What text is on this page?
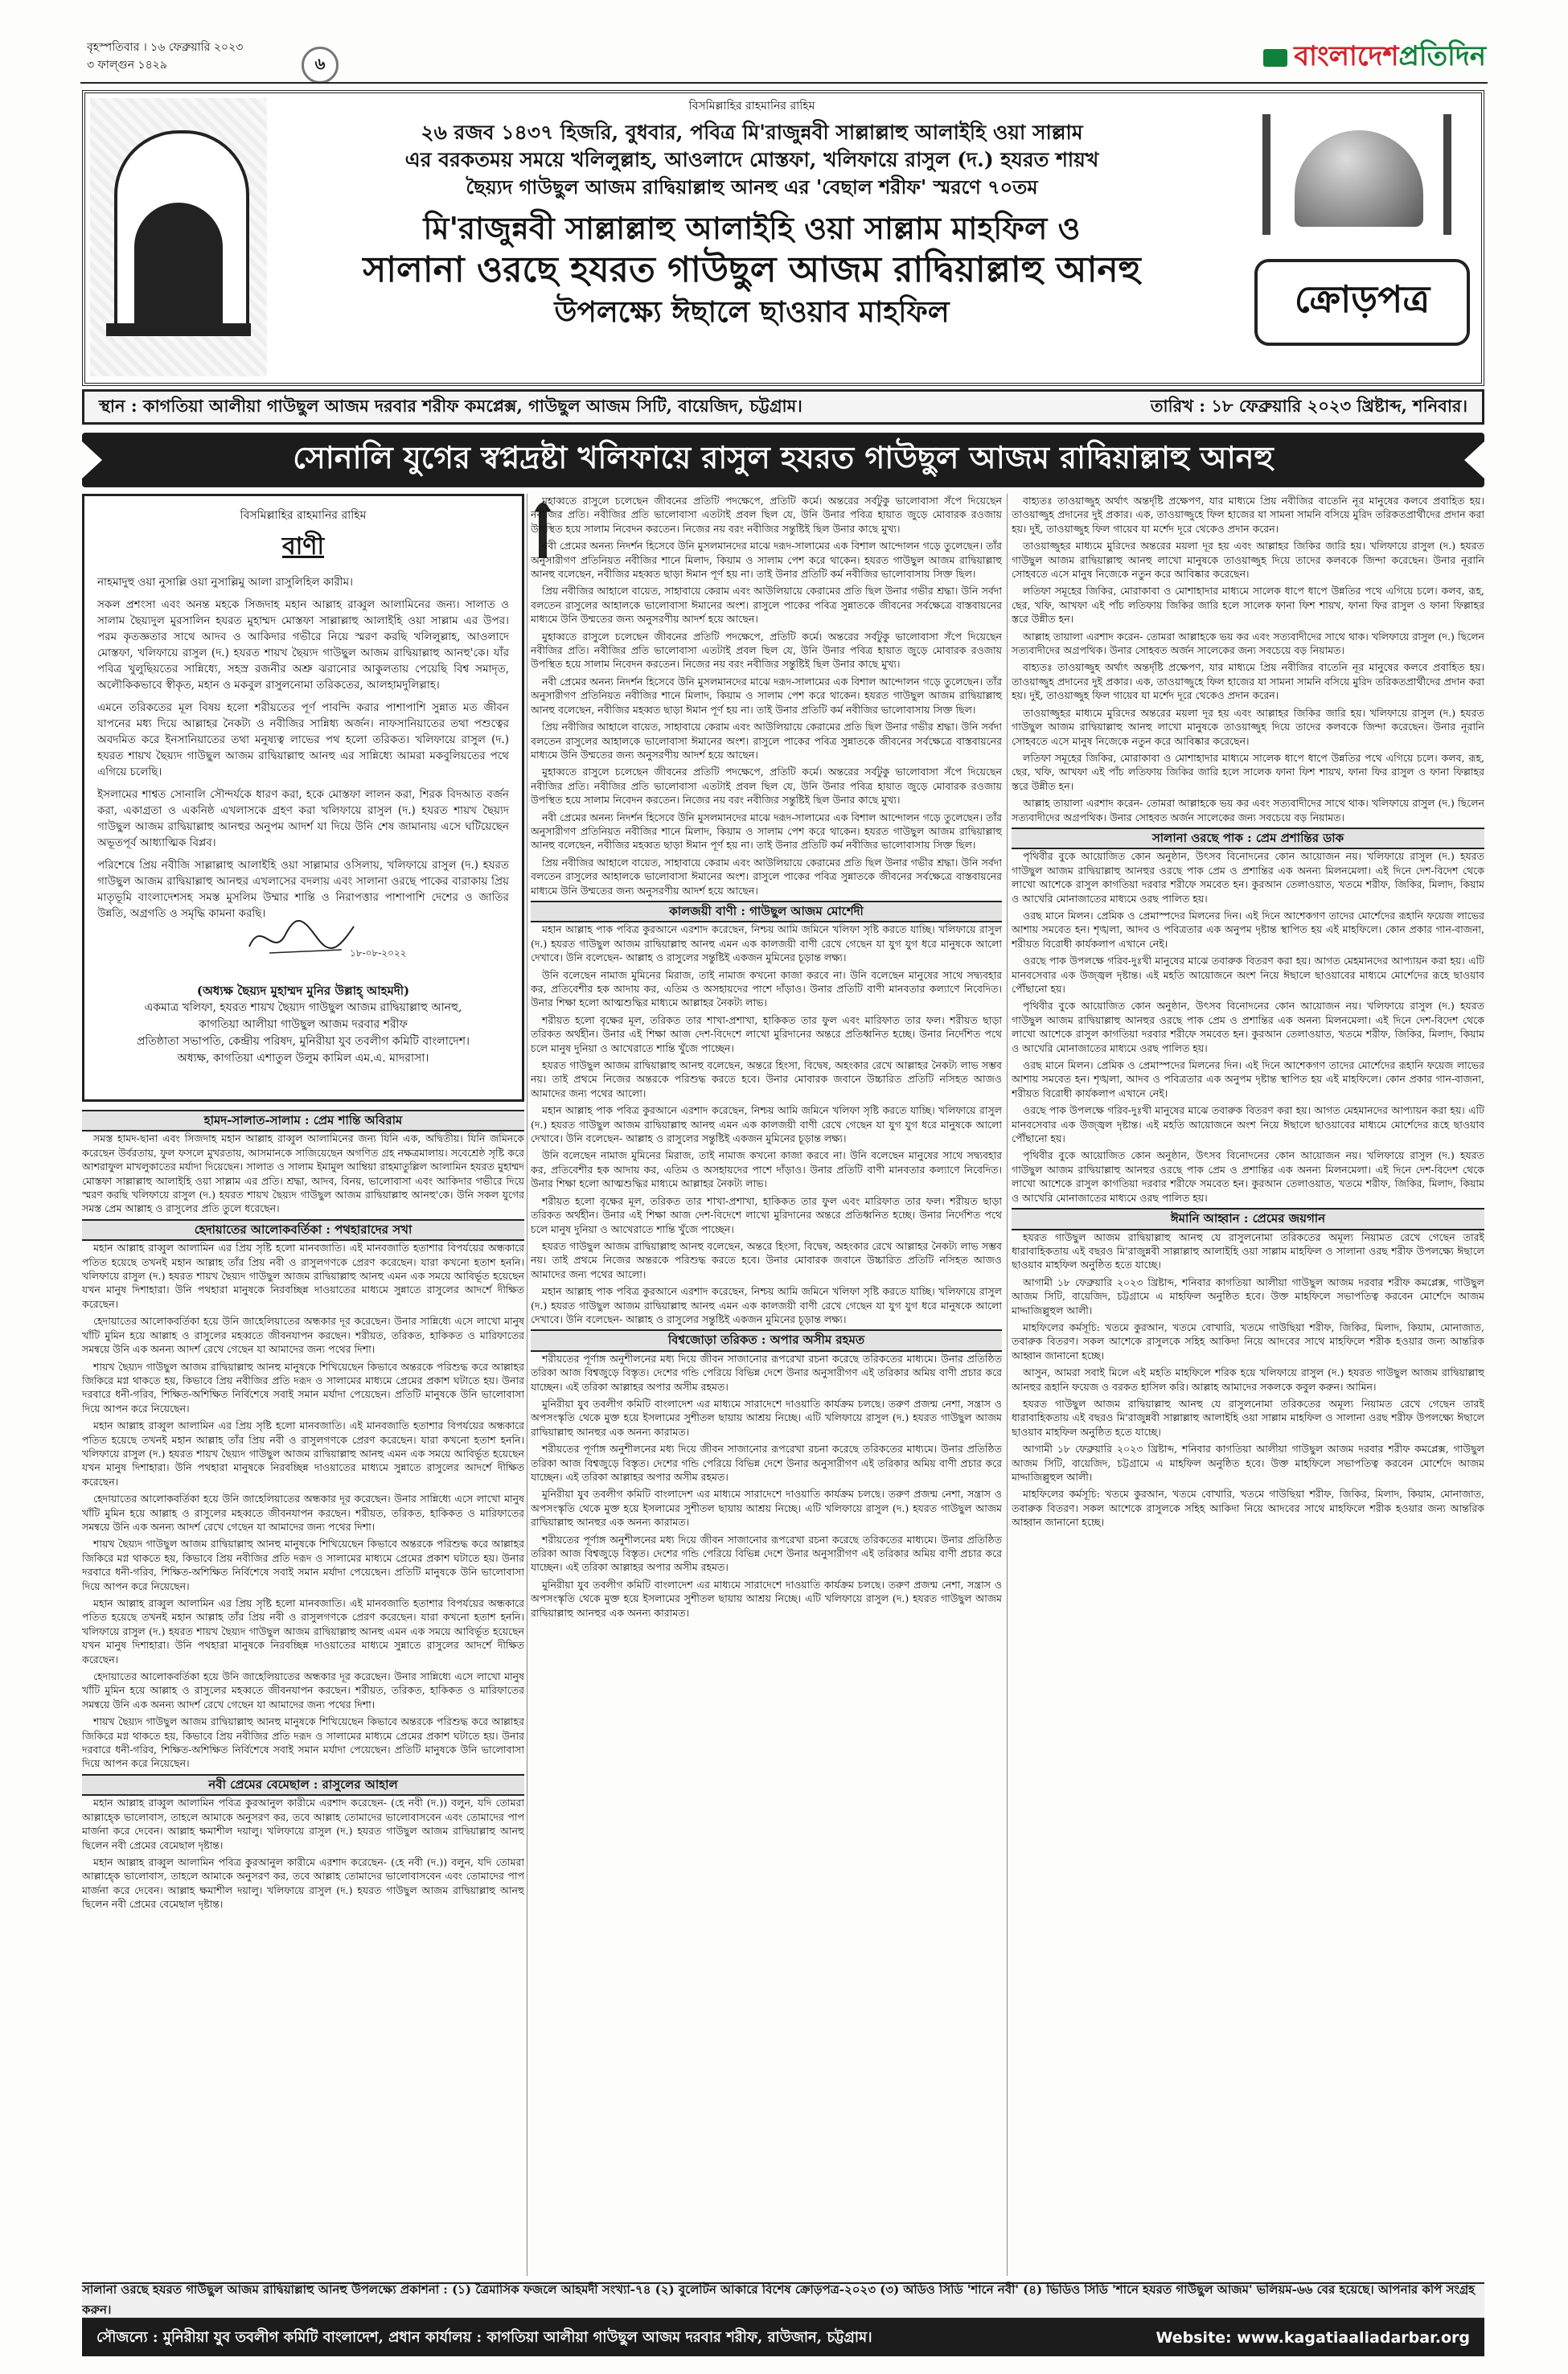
বৃহস্পতিবার । ১৬ ফেব্রুয়ারি ২০২৩
৩ ফাল্গুন ১৪২৯	৬	বাংলাদেশপ্রতিদিন
ক্রোড়পত্র
বিসমিল্লাহির রাহমানির রাহিম
২৬ রজব ১৪৩৭ হিজরি, বুধবার, পবিত্র মি'রাজুন্নবী সাল্লাল্লাহু আলাইহি ওয়া সাল্লাম
এর বরকতময় সময়ে খলিলুল্লাহ, আওলাদে মোস্তফা, খলিফায়ে রাসুল (দ.) হযরত শায়খ
ছৈয়্যদ গাউছুল আজম রাদ্বিয়াল্লাহু আনহু এর 'বেছাল শরীফ' স্মরণে ৭০তম
মি'রাজুন্নবী সাল্লাল্লাহু আলাইহি ওয়া সাল্লাম মাহফিল ও
সালানা ওরছে হযরত গাউছুল আজম রাদ্বিয়াল্লাহু আনহু
উপলক্ষ্যে ঈছালে ছাওয়াব মাহফিল
স্থান : কাগতিয়া আলীয়া গাউছুল আজম দরবার শরীফ কমপ্লেক্স, গাউছুল আজম সিটি, বায়েজিদ, চট্টগ্রাম।	তারিখ : ১৮ ফেব্রুয়ারি ২০২৩ খ্রিষ্টাব্দ, শনিবার।
সোনালি যুগের স্বপ্নদ্রষ্টা খলিফায়ে রাসুল হযরত গাউছুল আজম রাদ্বিয়াল্লাহু আনহু
বিসমিল্লাহির রাহমানির রাহিম
বাণী

নাহমাদুহু ওয়া নুসাল্লি ওয়া নুসাল্লিমু আলা রাসুলিহিল কারীম।

সকল প্রশংসা এবং অনন্ত মহকে সিজদাহ মহান আল্লাহ রাব্বুল আলামিনের জন্য। সালাত ও সালাম ছৈয়্যদুল মুরসালিন হযরত মুহাম্মদ মোস্তফা সাল্লাল্লাহু আলাইহি ওয়া সাল্লাম এর উপর। পরম কৃতজ্ঞতার সাথে আদব ও আকিদার গভীরে নিয়ে স্মরণ করছি খলিলুল্লাহ, আওলাদে মোস্তফা, খলিফায়ে রাসুল (দ.) হযরত শায়খ ছৈয়্যদ গাউছুল আজম রাদ্বিয়াল্লাহু আনহু'কে। যাঁর পবিত্র খুলুছিয়তের সান্নিধ্যে, সহস্র রজনীর অশ্রু ঝরানোর আকুলতায় পেয়েছি বিশ্ব সমাদৃত, অলৌকিকভাবে স্বীকৃত, মহান ও মকবুল রাসুলনোমা তরিকতের, আলহামদুলিল্লাহ।

এমনে তরিকতের মূল বিষয় হলো শরীয়তের পূর্ণ পাবন্দি করার পাশাপাশি সুন্নাত মত জীবন যাপনের মধ্য দিয়ে আল্লাহর নৈকট্য ও নবীজির সান্নিধ্য অর্জন। নাফসানিয়াতের তথা পশুত্বের অবদমিত করে ইনসানিয়াতের তথা মনুষ্যত্ব লাভের পথ হলো তরিকত। খলিফায়ে রাসুল (দ.) হযরত শায়খ ছৈয়্যদ গাউছুল আজম রাদ্বিয়াল্লাহু আনহু এর সান্নিধ্যে আমরা মকবুলিয়তের পথে এগিয়ে চলেছি।

ইসলামের শাশ্বত সোনালি সৌন্দর্যকে ধারণ করা, হকে মোস্তফা লালন করা, শিরক বিদআত বর্জন করা, একাগ্রতা ও একনিষ্ঠ এখলাসকে গ্রহণ করা খলিফায়ে রাসুল (দ.) হযরত শায়খ ছৈয়্যদ গাউছুল আজম রাদ্বিয়াল্লাহু আনহুর অনুপম আদর্শ যা দিয়ে উনি শেষ জামানায় এসে ঘটিয়েছেন অভূতপূর্ব আধ্যাত্মিক বিপ্লব।

পরিশেষে প্রিয় নবীজি সাল্লাল্লাহু আলাইহি ওয়া সাল্লামার ওসিলায়, খলিফায়ে রাসুল (দ.) হযরত গাউছুল আজম রাদ্বিয়াল্লাহু আনহুর এখলাসের বদলায় এবং সালানা ওরছে পাকের বারাকায় প্রিয় মাতৃভূমি বাংলাদেশসহ সমস্ত মুসলিম উম্মার শান্তি ও নিরাপত্তার পাশাপাশি দেশের ও জাতির উন্নতি, অগ্রগতি ও সমৃদ্ধি কামনা করছি।

১৮-০৮-২০২২
(অধ্যক্ষ ছৈয়্যদ মুহাম্মদ মুনির উল্লাহ্ আহমদী)
একমাত্র খলিফা, হযরত শায়খ ছৈয়্যদ গাউছুল আজম রাদ্বিয়াল্লাহু আনহু,
কাগতিয়া আলীয়া গাউছুল আজম দরবার শরীফ
প্রতিষ্ঠাতা সভাপতি, কেন্দ্রীয় পরিষদ, মুনিরীয়া যুব তবলীগ কমিটি বাংলাদেশ।
অধ্যক্ষ, কাগতিয়া এশাতুল উলুম কামিল এম.এ. মাদরাসা।
হামদ-সালাত-সালাম : প্রেম শান্তি অবিরাম

সমস্ত হামদ-ছানা এবং সিজদাহ মহান আল্লাহ রাব্বুল আলামিনের জন্য যিনি এক, অদ্বিতীয়। যিনি জমিনকে করেছেন উর্বরতায়, ফুল ফসলে মুখরতায়, আসমানকে সাজিয়েছেন অগণিত গ্রহ নক্ষত্রমালায়। সবেশ্রেষ্ঠ সৃষ্টি করে আশরাফুল মাখলুকাতের মর্যাদা দিয়েছেন। সালাত ও সালাম ইমামুল আম্বিয়া রাহমাতুল্লিল আলামিন হযরত মুহাম্মদ মোস্তফা সাল্লাল্লাহু আলাইহি ওয়া সাল্লাম এর প্রতি। শ্রদ্ধা, আদব, বিনয়, ভালোবাসা এবং আকিদার গভীরে দিয়ে স্মরণ করছি খলিফায়ে রাসুল (দ.) হযরত শায়খ ছৈয়্যদ গাউছুল আজম রাদ্বিয়াল্লাহু আনহু'কে। উনি সকল যুগের সমস্ত প্রেম আল্লাহ ও রাসুলের প্রতি তুলে ধরেছেন।

হেদায়াতের আলোকবর্তিকা : পথহারাদের সখা

মহান আল্লাহ রাব্বুল আলামিন এর প্রিয় সৃষ্টি হলো মানবজাতি। এই মানবজাতি হতাশার বিপর্যয়ের অন্ধকারে পতিত হয়েছে তখনই মহান আল্লাহ তাঁর প্রিয় নবী ও রাসুলগণকে প্রেরণ করেছেন। যারা কখনো হতাশ হননি। খলিফায়ে রাসুল (দ.) হযরত শায়খ ছৈয়্যদ গাউছুল আজম রাদ্বিয়াল্লাহু আনহু এমন এক সময়ে আবির্ভূত হয়েছেন যখন মানুষ দিশাহারা। উনি পথহারা মানুষকে নিরবচ্ছিন্ন দাওয়াতের মাধ্যমে সুন্নাতে রাসুলের আদর্শে দীক্ষিত করেছেন।

হেদায়াতের আলোকবর্তিকা হয়ে উনি জাহেলিয়াতের অন্ধকার দূর করেছেন। উনার সান্নিধ্যে এসে লাখো মানুষ খাঁটি মুমিন হয়ে আল্লাহ ও রাসুলের মহব্বতে জীবনযাপন করছেন। শরীয়ত, তরিকত, হাকিকত ও মারিফাতের সমন্বয়ে উনি এক অনন্য আদর্শ রেখে গেছেন যা আমাদের জন্য পথের দিশা।

শায়খ ছৈয়্যদ গাউছুল আজম রাদ্বিয়াল্লাহু আনহু মানুষকে শিখিয়েছেন কিভাবে অন্তরকে পরিশুদ্ধ করে আল্লাহর জিকিরে মগ্ন থাকতে হয়, কিভাবে প্রিয় নবীজির প্রতি দরূদ ও সালামের মাধ্যমে প্রেমের প্রকাশ ঘটাতে হয়। উনার দরবারে ধনী-গরিব, শিক্ষিত-অশিক্ষিত নির্বিশেষে সবাই সমান মর্যাদা পেয়েছেন। প্রতিটি মানুষকে উনি ভালোবাসা দিয়ে আপন করে নিয়েছেন।

মহান আল্লাহ রাব্বুল আলামিন এর প্রিয় সৃষ্টি হলো মানবজাতি। এই মানবজাতি হতাশার বিপর্যয়ের অন্ধকারে পতিত হয়েছে তখনই মহান আল্লাহ তাঁর প্রিয় নবী ও রাসুলগণকে প্রেরণ করেছেন। যারা কখনো হতাশ হননি। খলিফায়ে রাসুল (দ.) হযরত শায়খ ছৈয়্যদ গাউছুল আজম রাদ্বিয়াল্লাহু আনহু এমন এক সময়ে আবির্ভূত হয়েছেন যখন মানুষ দিশাহারা। উনি পথহারা মানুষকে নিরবচ্ছিন্ন দাওয়াতের মাধ্যমে সুন্নাতে রাসুলের আদর্শে দীক্ষিত করেছেন।

হেদায়াতের আলোকবর্তিকা হয়ে উনি জাহেলিয়াতের অন্ধকার দূর করেছেন। উনার সান্নিধ্যে এসে লাখো মানুষ খাঁটি মুমিন হয়ে আল্লাহ ও রাসুলের মহব্বতে জীবনযাপন করছেন। শরীয়ত, তরিকত, হাকিকত ও মারিফাতের সমন্বয়ে উনি এক অনন্য আদর্শ রেখে গেছেন যা আমাদের জন্য পথের দিশা।

শায়খ ছৈয়্যদ গাউছুল আজম রাদ্বিয়াল্লাহু আনহু মানুষকে শিখিয়েছেন কিভাবে অন্তরকে পরিশুদ্ধ করে আল্লাহর জিকিরে মগ্ন থাকতে হয়, কিভাবে প্রিয় নবীজির প্রতি দরূদ ও সালামের মাধ্যমে প্রেমের প্রকাশ ঘটাতে হয়। উনার দরবারে ধনী-গরিব, শিক্ষিত-অশিক্ষিত নির্বিশেষে সবাই সমান মর্যাদা পেয়েছেন। প্রতিটি মানুষকে উনি ভালোবাসা দিয়ে আপন করে নিয়েছেন।

মহান আল্লাহ রাব্বুল আলামিন এর প্রিয় সৃষ্টি হলো মানবজাতি। এই মানবজাতি হতাশার বিপর্যয়ের অন্ধকারে পতিত হয়েছে তখনই মহান আল্লাহ তাঁর প্রিয় নবী ও রাসুলগণকে প্রেরণ করেছেন। যারা কখনো হতাশ হননি। খলিফায়ে রাসুল (দ.) হযরত শায়খ ছৈয়্যদ গাউছুল আজম রাদ্বিয়াল্লাহু আনহু এমন এক সময়ে আবির্ভূত হয়েছেন যখন মানুষ দিশাহারা। উনি পথহারা মানুষকে নিরবচ্ছিন্ন দাওয়াতের মাধ্যমে সুন্নাতে রাসুলের আদর্শে দীক্ষিত করেছেন।

হেদায়াতের আলোকবর্তিকা হয়ে উনি জাহেলিয়াতের অন্ধকার দূর করেছেন। উনার সান্নিধ্যে এসে লাখো মানুষ খাঁটি মুমিন হয়ে আল্লাহ ও রাসুলের মহব্বতে জীবনযাপন করছেন। শরীয়ত, তরিকত, হাকিকত ও মারিফাতের সমন্বয়ে উনি এক অনন্য আদর্শ রেখে গেছেন যা আমাদের জন্য পথের দিশা।

শায়খ ছৈয়্যদ গাউছুল আজম রাদ্বিয়াল্লাহু আনহু মানুষকে শিখিয়েছেন কিভাবে অন্তরকে পরিশুদ্ধ করে আল্লাহর জিকিরে মগ্ন থাকতে হয়, কিভাবে প্রিয় নবীজির প্রতি দরূদ ও সালামের মাধ্যমে প্রেমের প্রকাশ ঘটাতে হয়। উনার দরবারে ধনী-গরিব, শিক্ষিত-অশিক্ষিত নির্বিশেষে সবাই সমান মর্যাদা পেয়েছেন। প্রতিটি মানুষকে উনি ভালোবাসা দিয়ে আপন করে নিয়েছেন।

নবী প্রেমের বেমেছাল : রাসুলের আহাল

মহান আল্লাহ রাব্বুল আলামিন পবিত্র কুরআনুল কারীমে এরশাদ করেছেন- (হে নবী (দ.)) বলুন, যদি তোমরা আল্লাহ্কে ভালোবাস, তাহলে আমাকে অনুসরণ কর, তবে আল্লাহ তোমাদের ভালোবাসবেন এবং তোমাদের পাপ মার্জনা করে দেবেন। আল্লাহ ক্ষমাশীল দয়ালু। খলিফায়ে রাসুল (দ.) হযরত গাউছুল আজম রাদ্বিয়াল্লাহু আনহু ছিলেন নবী প্রেমের বেমেছাল দৃষ্টান্ত।

মহান আল্লাহ রাব্বুল আলামিন পবিত্র কুরআনুল কারীমে এরশাদ করেছেন- (হে নবী (দ.)) বলুন, যদি তোমরা আল্লাহ্কে ভালোবাস, তাহলে আমাকে অনুসরণ কর, তবে আল্লাহ তোমাদের ভালোবাসবেন এবং তোমাদের পাপ মার্জনা করে দেবেন। আল্লাহ ক্ষমাশীল দয়ালু। খলিফায়ে রাসুল (দ.) হযরত গাউছুল আজম রাদ্বিয়াল্লাহু আনহু ছিলেন নবী প্রেমের বেমেছাল দৃষ্টান্ত।

মুহাব্বতে রাসুলে চলেছেন জীবনের প্রতিটি পদক্ষেপে, প্রতিটি কর্মে। অন্তরের সর্বটুকু ভালোবাসা সঁপে দিয়েছেন নবীজির প্রতি। নবীজির প্রতি ভালোবাসা এতটাই প্রবল ছিল যে, উনি উনার পবিত্র হায়াত জুড়ে মোবারক রওজায় উপস্থিত হয়ে সালাম নিবেদন করতেন। নিজের নয় বরং নবীজির সন্তুষ্টিই ছিল উনার কাছে মুখ্য।

নবী প্রেমের অনন্য নিদর্শন হিসেবে উনি মুসলমানদের মাঝে দরূদ-সালামের এক বিশাল আন্দোলন গড়ে তুলেছেন। তাঁর অনুসারীগণ প্রতিনিয়ত নবীজির শানে মিলাদ, কিয়াম ও সালাম পেশ করে থাকেন। হযরত গাউছুল আজম রাদ্বিয়াল্লাহু আনহু বলেছেন, নবীজির মহব্বত ছাড়া ঈমান পূর্ণ হয় না। তাই উনার প্রতিটি কর্ম নবীজির ভালোবাসায় সিক্ত ছিল।

প্রিয় নবীজির আহালে বায়েত, সাহাবায়ে কেরাম এবং আউলিয়ায়ে কেরামের প্রতি ছিল উনার গভীর শ্রদ্ধা। উনি সর্বদা বলতেন রাসুলের আহালকে ভালোবাসা ঈমানের অংশ। রাসুলে পাকের পবিত্র সুন্নাতকে জীবনের সর্বক্ষেত্রে বাস্তবায়নের মাধ্যমে উনি উম্মতের জন্য অনুসরণীয় আদর্শ হয়ে আছেন।

মুহাব্বতে রাসুলে চলেছেন জীবনের প্রতিটি পদক্ষেপে, প্রতিটি কর্মে। অন্তরের সর্বটুকু ভালোবাসা সঁপে দিয়েছেন নবীজির প্রতি। নবীজির প্রতি ভালোবাসা এতটাই প্রবল ছিল যে, উনি উনার পবিত্র হায়াত জুড়ে মোবারক রওজায় উপস্থিত হয়ে সালাম নিবেদন করতেন। নিজের নয় বরং নবীজির সন্তুষ্টিই ছিল উনার কাছে মুখ্য।

নবী প্রেমের অনন্য নিদর্শন হিসেবে উনি মুসলমানদের মাঝে দরূদ-সালামের এক বিশাল আন্দোলন গড়ে তুলেছেন। তাঁর অনুসারীগণ প্রতিনিয়ত নবীজির শানে মিলাদ, কিয়াম ও সালাম পেশ করে থাকেন। হযরত গাউছুল আজম রাদ্বিয়াল্লাহু আনহু বলেছেন, নবীজির মহব্বত ছাড়া ঈমান পূর্ণ হয় না। তাই উনার প্রতিটি কর্ম নবীজির ভালোবাসায় সিক্ত ছিল।

প্রিয় নবীজির আহালে বায়েত, সাহাবায়ে কেরাম এবং আউলিয়ায়ে কেরামের প্রতি ছিল উনার গভীর শ্রদ্ধা। উনি সর্বদা বলতেন রাসুলের আহালকে ভালোবাসা ঈমানের অংশ। রাসুলে পাকের পবিত্র সুন্নাতকে জীবনের সর্বক্ষেত্রে বাস্তবায়নের মাধ্যমে উনি উম্মতের জন্য অনুসরণীয় আদর্শ হয়ে আছেন।

মুহাব্বতে রাসুলে চলেছেন জীবনের প্রতিটি পদক্ষেপে, প্রতিটি কর্মে। অন্তরের সর্বটুকু ভালোবাসা সঁপে দিয়েছেন নবীজির প্রতি। নবীজির প্রতি ভালোবাসা এতটাই প্রবল ছিল যে, উনি উনার পবিত্র হায়াত জুড়ে মোবারক রওজায় উপস্থিত হয়ে সালাম নিবেদন করতেন। নিজের নয় বরং নবীজির সন্তুষ্টিই ছিল উনার কাছে মুখ্য।

নবী প্রেমের অনন্য নিদর্শন হিসেবে উনি মুসলমানদের মাঝে দরূদ-সালামের এক বিশাল আন্দোলন গড়ে তুলেছেন। তাঁর অনুসারীগণ প্রতিনিয়ত নবীজির শানে মিলাদ, কিয়াম ও সালাম পেশ করে থাকেন। হযরত গাউছুল আজম রাদ্বিয়াল্লাহু আনহু বলেছেন, নবীজির মহব্বত ছাড়া ঈমান পূর্ণ হয় না। তাই উনার প্রতিটি কর্ম নবীজির ভালোবাসায় সিক্ত ছিল।

প্রিয় নবীজির আহালে বায়েত, সাহাবায়ে কেরাম এবং আউলিয়ায়ে কেরামের প্রতি ছিল উনার গভীর শ্রদ্ধা। উনি সর্বদা বলতেন রাসুলের আহালকে ভালোবাসা ঈমানের অংশ। রাসুলে পাকের পবিত্র সুন্নাতকে জীবনের সর্বক্ষেত্রে বাস্তবায়নের মাধ্যমে উনি উম্মতের জন্য অনুসরণীয় আদর্শ হয়ে আছেন।

কালজয়ী বাণী : গাউছুল আজম মোর্শেদী

মহান আল্লাহ পাক পবিত্র কুরআনে এরশাদ করেছেন, নিশ্চয় আমি জমিনে খলিফা সৃষ্টি করতে যাচ্ছি। খলিফায়ে রাসুল (দ.) হযরত গাউছুল আজম রাদ্বিয়াল্লাহু আনহু এমন এক কালজয়ী বাণী রেখে গেছেন যা যুগ যুগ ধরে মানুষকে আলো দেখাবে। উনি বলেছেন- আল্লাহ ও রাসুলের সন্তুষ্টিই একজন মুমিনের চূড়ান্ত লক্ষ্য।

উনি বলেছেন নামাজ মুমিনের মিরাজ, তাই নামাজ কখনো কাজা করবে না। উনি বলেছেন মানুষের সাথে সদ্ব্যবহার কর, প্রতিবেশীর হক আদায় কর, এতিম ও অসহায়দের পাশে দাঁড়াও। উনার প্রতিটি বাণী মানবতার কল্যাণে নিবেদিত। উনার শিক্ষা হলো আত্মশুদ্ধির মাধ্যমে আল্লাহর নৈকট্য লাভ।

শরীয়ত হলো বৃক্ষের মূল, তরিকত তার শাখা-প্রশাখা, হাকিকত তার ফুল এবং মারিফাত তার ফল। শরীয়ত ছাড়া তরিকত অর্থহীন। উনার এই শিক্ষা আজ দেশ-বিদেশে লাখো মুরিদানের অন্তরে প্রতিধ্বনিত হচ্ছে। উনার নির্দেশিত পথে চলে মানুষ দুনিয়া ও আখেরাতে শান্তি খুঁজে পাচ্ছেন।

হযরত গাউছুল আজম রাদ্বিয়াল্লাহু আনহু বলেছেন, অন্তরে হিংসা, বিদ্বেষ, অহংকার রেখে আল্লাহর নৈকট্য লাভ সম্ভব নয়। তাই প্রথমে নিজের অন্তরকে পরিশুদ্ধ করতে হবে। উনার মোবারক জবানে উচ্চারিত প্রতিটি নসিহত আজও আমাদের জন্য পথের আলো।

মহান আল্লাহ পাক পবিত্র কুরআনে এরশাদ করেছেন, নিশ্চয় আমি জমিনে খলিফা সৃষ্টি করতে যাচ্ছি। খলিফায়ে রাসুল (দ.) হযরত গাউছুল আজম রাদ্বিয়াল্লাহু আনহু এমন এক কালজয়ী বাণী রেখে গেছেন যা যুগ যুগ ধরে মানুষকে আলো দেখাবে। উনি বলেছেন- আল্লাহ ও রাসুলের সন্তুষ্টিই একজন মুমিনের চূড়ান্ত লক্ষ্য।

উনি বলেছেন নামাজ মুমিনের মিরাজ, তাই নামাজ কখনো কাজা করবে না। উনি বলেছেন মানুষের সাথে সদ্ব্যবহার কর, প্রতিবেশীর হক আদায় কর, এতিম ও অসহায়দের পাশে দাঁড়াও। উনার প্রতিটি বাণী মানবতার কল্যাণে নিবেদিত। উনার শিক্ষা হলো আত্মশুদ্ধির মাধ্যমে আল্লাহর নৈকট্য লাভ।

শরীয়ত হলো বৃক্ষের মূল, তরিকত তার শাখা-প্রশাখা, হাকিকত তার ফুল এবং মারিফাত তার ফল। শরীয়ত ছাড়া তরিকত অর্থহীন। উনার এই শিক্ষা আজ দেশ-বিদেশে লাখো মুরিদানের অন্তরে প্রতিধ্বনিত হচ্ছে। উনার নির্দেশিত পথে চলে মানুষ দুনিয়া ও আখেরাতে শান্তি খুঁজে পাচ্ছেন।

হযরত গাউছুল আজম রাদ্বিয়াল্লাহু আনহু বলেছেন, অন্তরে হিংসা, বিদ্বেষ, অহংকার রেখে আল্লাহর নৈকট্য লাভ সম্ভব নয়। তাই প্রথমে নিজের অন্তরকে পরিশুদ্ধ করতে হবে। উনার মোবারক জবানে উচ্চারিত প্রতিটি নসিহত আজও আমাদের জন্য পথের আলো।

মহান আল্লাহ পাক পবিত্র কুরআনে এরশাদ করেছেন, নিশ্চয় আমি জমিনে খলিফা সৃষ্টি করতে যাচ্ছি। খলিফায়ে রাসুল (দ.) হযরত গাউছুল আজম রাদ্বিয়াল্লাহু আনহু এমন এক কালজয়ী বাণী রেখে গেছেন যা যুগ যুগ ধরে মানুষকে আলো দেখাবে। উনি বলেছেন- আল্লাহ ও রাসুলের সন্তুষ্টিই একজন মুমিনের চূড়ান্ত লক্ষ্য।

বিশ্বজোড়া তরিকত : অপার অসীম রহমত

শরীয়তের পূর্ণাঙ্গ অনুশীলনের মধ্য দিয়ে জীবন সাজানোর রূপরেখা রচনা করেছে তরিকতের মাধ্যমে। উনার প্রতিষ্ঠিত তরিকা আজ বিশ্বজুড়ে বিস্তৃত। দেশের গন্ডি পেরিয়ে বিভিন্ন দেশে উনার অনুসারীগণ এই তরিকার অমিয় বাণী প্রচার করে যাচ্ছেন। এই তরিকা আল্লাহর অপার অসীম রহমত।

মুনিরীয়া যুব তবলীগ কমিটি বাংলাদেশ এর মাধ্যমে সারাদেশে দাওয়াতি কার্যক্রম চলছে। তরুণ প্রজন্ম নেশা, সন্ত্রাস ও অপসংস্কৃতি থেকে মুক্ত হয়ে ইসলামের সুশীতল ছায়ায় আশ্রয় নিচ্ছে। এটি খলিফায়ে রাসুল (দ.) হযরত গাউছুল আজম রাদ্বিয়াল্লাহু আনহুর এক অনন্য কারামত।

শরীয়তের পূর্ণাঙ্গ অনুশীলনের মধ্য দিয়ে জীবন সাজানোর রূপরেখা রচনা করেছে তরিকতের মাধ্যমে। উনার প্রতিষ্ঠিত তরিকা আজ বিশ্বজুড়ে বিস্তৃত। দেশের গন্ডি পেরিয়ে বিভিন্ন দেশে উনার অনুসারীগণ এই তরিকার অমিয় বাণী প্রচার করে যাচ্ছেন। এই তরিকা আল্লাহর অপার অসীম রহমত।

মুনিরীয়া যুব তবলীগ কমিটি বাংলাদেশ এর মাধ্যমে সারাদেশে দাওয়াতি কার্যক্রম চলছে। তরুণ প্রজন্ম নেশা, সন্ত্রাস ও অপসংস্কৃতি থেকে মুক্ত হয়ে ইসলামের সুশীতল ছায়ায় আশ্রয় নিচ্ছে। এটি খলিফায়ে রাসুল (দ.) হযরত গাউছুল আজম রাদ্বিয়াল্লাহু আনহুর এক অনন্য কারামত।

শরীয়তের পূর্ণাঙ্গ অনুশীলনের মধ্য দিয়ে জীবন সাজানোর রূপরেখা রচনা করেছে তরিকতের মাধ্যমে। উনার প্রতিষ্ঠিত তরিকা আজ বিশ্বজুড়ে বিস্তৃত। দেশের গন্ডি পেরিয়ে বিভিন্ন দেশে উনার অনুসারীগণ এই তরিকার অমিয় বাণী প্রচার করে যাচ্ছেন। এই তরিকা আল্লাহর অপার অসীম রহমত।

মুনিরীয়া যুব তবলীগ কমিটি বাংলাদেশ এর মাধ্যমে সারাদেশে দাওয়াতি কার্যক্রম চলছে। তরুণ প্রজন্ম নেশা, সন্ত্রাস ও অপসংস্কৃতি থেকে মুক্ত হয়ে ইসলামের সুশীতল ছায়ায় আশ্রয় নিচ্ছে। এটি খলিফায়ে রাসুল (দ.) হযরত গাউছুল আজম রাদ্বিয়াল্লাহু আনহুর এক অনন্য কারামত।

বাহ্যতঃ তাওয়াজ্জুহ অর্থাৎ অন্তর্দৃষ্টি প্রক্ষেপণ, যার মাধ্যমে প্রিয় নবীজির বাতেনি নূর মানুষের কলবে প্রবাহিত হয়। তাওয়াজ্জুহ প্রদানের দুই প্রকার। এক, তাওয়াজ্জুহে ফিল হাজের যা সামনা সামনি বসিয়ে মুরিদ তরিকতপ্রার্থীদের প্রদান করা হয়। দুই, তাওয়াজ্জুহ ফিল গায়েব যা মর্শেদ দূরে থেকেও প্রদান করেন।

তাওয়াজ্জুহর মাধ্যমে মুরিদের অন্তরের ময়লা দূর হয় এবং আল্লাহর জিকির জারি হয়। খলিফায়ে রাসুল (দ.) হযরত গাউছুল আজম রাদ্বিয়াল্লাহু আনহু লাখো মানুষকে তাওয়াজ্জুহ দিয়ে তাদের কলবকে জিন্দা করেছেন। উনার নূরানি সোহবতে এসে মানুষ নিজেকে নতুন করে আবিষ্কার করেছেন।

লতিফা সমূহের জিকির, মোরাকাবা ও মোশাহাদার মাধ্যমে সালেক ধাপে ধাপে উন্নতির পথে এগিয়ে চলে। কলব, রূহ, ছের, খফি, আখফা এই পাঁচ লতিফায় জিকির জারি হলে সালেক ফানা ফিশ শায়খ, ফানা ফির রাসুল ও ফানা ফিল্লাহর স্তরে উন্নীত হন।

আল্লাহ তায়ালা এরশাদ করেন- তোমরা আল্লাহকে ভয় কর এবং সত্যবাদীদের সাথে থাক। খলিফায়ে রাসুল (দ.) ছিলেন সত্যবাদীদের অগ্রপথিক। উনার সোহবত অর্জন সালেকের জন্য সবচেয়ে বড় নিয়ামত।

বাহ্যতঃ তাওয়াজ্জুহ অর্থাৎ অন্তর্দৃষ্টি প্রক্ষেপণ, যার মাধ্যমে প্রিয় নবীজির বাতেনি নূর মানুষের কলবে প্রবাহিত হয়। তাওয়াজ্জুহ প্রদানের দুই প্রকার। এক, তাওয়াজ্জুহে ফিল হাজের যা সামনা সামনি বসিয়ে মুরিদ তরিকতপ্রার্থীদের প্রদান করা হয়। দুই, তাওয়াজ্জুহ ফিল গায়েব যা মর্শেদ দূরে থেকেও প্রদান করেন।

তাওয়াজ্জুহর মাধ্যমে মুরিদের অন্তরের ময়লা দূর হয় এবং আল্লাহর জিকির জারি হয়। খলিফায়ে রাসুল (দ.) হযরত গাউছুল আজম রাদ্বিয়াল্লাহু আনহু লাখো মানুষকে তাওয়াজ্জুহ দিয়ে তাদের কলবকে জিন্দা করেছেন। উনার নূরানি সোহবতে এসে মানুষ নিজেকে নতুন করে আবিষ্কার করেছেন।

লতিফা সমূহের জিকির, মোরাকাবা ও মোশাহাদার মাধ্যমে সালেক ধাপে ধাপে উন্নতির পথে এগিয়ে চলে। কলব, রূহ, ছের, খফি, আখফা এই পাঁচ লতিফায় জিকির জারি হলে সালেক ফানা ফিশ শায়খ, ফানা ফির রাসুল ও ফানা ফিল্লাহর স্তরে উন্নীত হন।

আল্লাহ তায়ালা এরশাদ করেন- তোমরা আল্লাহকে ভয় কর এবং সত্যবাদীদের সাথে থাক। খলিফায়ে রাসুল (দ.) ছিলেন সত্যবাদীদের অগ্রপথিক। উনার সোহবত অর্জন সালেকের জন্য সবচেয়ে বড় নিয়ামত।

সালানা ওরছে পাক : প্রেম প্রশান্তির ডাক

পৃথিবীর বুকে আয়োজিত কোন অনুষ্ঠান, উৎসব বিনোদনের কোন আয়োজন নয়। খলিফায়ে রাসুল (দ.) হযরত গাউছুল আজম রাদ্বিয়াল্লাহু আনহুর ওরছে পাক প্রেম ও প্রশান্তির এক অনন্য মিলনমেলা। এই দিনে দেশ-বিদেশ থেকে লাখো আশেকে রাসুল কাগতিয়া দরবার শরীফে সমবেত হন। কুরআন তেলাওয়াত, খতমে শরীফ, জিকির, মিলাদ, কিয়াম ও আখেরি মোনাজাতের মাধ্যমে ওরছ পালিত হয়।

ওরছ মানে মিলন। প্রেমিক ও প্রেমাস্পদের মিলনের দিন। এই দিনে আশেকগণ তাদের মোর্শেদের রূহানি ফয়েজ লাভের আশায় সমবেত হন। শৃঙ্খলা, আদব ও পবিত্রতার এক অনুপম দৃষ্টান্ত স্থাপিত হয় এই মাহফিলে। কোন প্রকার গান-বাজনা, শরীয়ত বিরোধী কার্যকলাপ এখানে নেই।

ওরছে পাক উপলক্ষে গরিব-দুঃখী মানুষের মাঝে তবারুক বিতরণ করা হয়। আগত মেহমানদের আপ্যায়ন করা হয়। এটি মানবসেবার এক উজ্জ্বল দৃষ্টান্ত। এই মহতি আয়োজনে অংশ নিয়ে ঈছালে ছাওয়াবের মাধ্যমে মোর্শেদের রূহে ছাওয়াব পৌঁছানো হয়।

পৃথিবীর বুকে আয়োজিত কোন অনুষ্ঠান, উৎসব বিনোদনের কোন আয়োজন নয়। খলিফায়ে রাসুল (দ.) হযরত গাউছুল আজম রাদ্বিয়াল্লাহু আনহুর ওরছে পাক প্রেম ও প্রশান্তির এক অনন্য মিলনমেলা। এই দিনে দেশ-বিদেশ থেকে লাখো আশেকে রাসুল কাগতিয়া দরবার শরীফে সমবেত হন। কুরআন তেলাওয়াত, খতমে শরীফ, জিকির, মিলাদ, কিয়াম ও আখেরি মোনাজাতের মাধ্যমে ওরছ পালিত হয়।

ওরছ মানে মিলন। প্রেমিক ও প্রেমাস্পদের মিলনের দিন। এই দিনে আশেকগণ তাদের মোর্শেদের রূহানি ফয়েজ লাভের আশায় সমবেত হন। শৃঙ্খলা, আদব ও পবিত্রতার এক অনুপম দৃষ্টান্ত স্থাপিত হয় এই মাহফিলে। কোন প্রকার গান-বাজনা, শরীয়ত বিরোধী কার্যকলাপ এখানে নেই।

ওরছে পাক উপলক্ষে গরিব-দুঃখী মানুষের মাঝে তবারুক বিতরণ করা হয়। আগত মেহমানদের আপ্যায়ন করা হয়। এটি মানবসেবার এক উজ্জ্বল দৃষ্টান্ত। এই মহতি আয়োজনে অংশ নিয়ে ঈছালে ছাওয়াবের মাধ্যমে মোর্শেদের রূহে ছাওয়াব পৌঁছানো হয়।

পৃথিবীর বুকে আয়োজিত কোন অনুষ্ঠান, উৎসব বিনোদনের কোন আয়োজন নয়। খলিফায়ে রাসুল (দ.) হযরত গাউছুল আজম রাদ্বিয়াল্লাহু আনহুর ওরছে পাক প্রেম ও প্রশান্তির এক অনন্য মিলনমেলা। এই দিনে দেশ-বিদেশ থেকে লাখো আশেকে রাসুল কাগতিয়া দরবার শরীফে সমবেত হন। কুরআন তেলাওয়াত, খতমে শরীফ, জিকির, মিলাদ, কিয়াম ও আখেরি মোনাজাতের মাধ্যমে ওরছ পালিত হয়।

ঈমানি আহ্বান : প্রেমের জয়গান

হযরত গাউছুল আজম রাদ্বিয়াল্লাহু আনহু যে রাসুলনোমা তরিকতের অমূল্য নিয়ামত রেখে গেছেন তারই ধারাবাহিকতায় এই বছরও মি'রাজুন্নবী সাল্লাল্লাহু আলাইহি ওয়া সাল্লাম মাহফিল ও সালানা ওরছ শরীফ উপলক্ষ্যে ঈছালে ছাওয়াব মাহফিল অনুষ্ঠিত হতে যাচ্ছে।

আগামী ১৮ ফেব্রুয়ারি ২০২৩ খ্রিষ্টাব্দ, শনিবার কাগতিয়া আলীয়া গাউছুল আজম দরবার শরীফ কমপ্লেক্স, গাউছুল আজম সিটি, বায়েজিদ, চট্টগ্রামে এ মাহফিল অনুষ্ঠিত হবে। উক্ত মাহফিলে সভাপতিত্ব করবেন মোর্শেদে আজম মাদ্দাজিল্লুহুল আলী।

মাহফিলের কর্মসূচি: খতমে কুরআন, খতমে বোখারি, খতমে গাউছিয়া শরীফ, জিকির, মিলাদ, কিয়াম, মোনাজাত, তবারুক বিতরণ। সকল আশেকে রাসুলকে সহিহ আকিদা নিয়ে আদবের সাথে মাহফিলে শরীক হওয়ার জন্য আন্তরিক আহ্বান জানানো হচ্ছে।

আসুন, আমরা সবাই মিলে এই মহতি মাহফিলে শরিক হয়ে খলিফায়ে রাসুল (দ.) হযরত গাউছুল আজম রাদ্বিয়াল্লাহু আনহুর রূহানি ফয়েজ ও বরকত হাসিল করি। আল্লাহ আমাদের সকলকে কবুল করুন। আমিন।

হযরত গাউছুল আজম রাদ্বিয়াল্লাহু আনহু যে রাসুলনোমা তরিকতের অমূল্য নিয়ামত রেখে গেছেন তারই ধারাবাহিকতায় এই বছরও মি'রাজুন্নবী সাল্লাল্লাহু আলাইহি ওয়া সাল্লাম মাহফিল ও সালানা ওরছ শরীফ উপলক্ষ্যে ঈছালে ছাওয়াব মাহফিল অনুষ্ঠিত হতে যাচ্ছে।

আগামী ১৮ ফেব্রুয়ারি ২০২৩ খ্রিষ্টাব্দ, শনিবার কাগতিয়া আলীয়া গাউছুল আজম দরবার শরীফ কমপ্লেক্স, গাউছুল আজম সিটি, বায়েজিদ, চট্টগ্রামে এ মাহফিল অনুষ্ঠিত হবে। উক্ত মাহফিলে সভাপতিত্ব করবেন মোর্শেদে আজম মাদ্দাজিল্লুহুল আলী।

মাহফিলের কর্মসূচি: খতমে কুরআন, খতমে বোখারি, খতমে গাউছিয়া শরীফ, জিকির, মিলাদ, কিয়াম, মোনাজাত, তবারুক বিতরণ। সকল আশেকে রাসুলকে সহিহ আকিদা নিয়ে আদবের সাথে মাহফিলে শরীক হওয়ার জন্য আন্তরিক আহ্বান জানানো হচ্ছে।

সালানা ওরছে হযরত গাউছুল আজম রাদ্বিয়াল্লাহু আনহু উপলক্ষ্যে প্রকাশনা : (১) ত্রৈমাসিক ফজলে আহমদী সংখ্যা-৭৪ (২) বুলেটিন আকারে বিশেষ ক্রোড়পত্র-২০২৩ (৩) অডিও সিডি 'শানে নবী' (৪) ভিডিও সিডি 'শানে হযরত গাউছুল আজম' ভলিয়ম-৬৬ বের হয়েছে। আপনার কপি সংগ্রহ করুন।
সৌজন্যে : মুনিরীয়া যুব তবলীগ কমিটি বাংলাদেশ, প্রধান কার্যালয় : কাগতিয়া আলীয়া গাউছুল আজম দরবার শরীফ, রাউজান, চট্টগ্রাম।	Website: www.kagatiaaliadarbar.org
